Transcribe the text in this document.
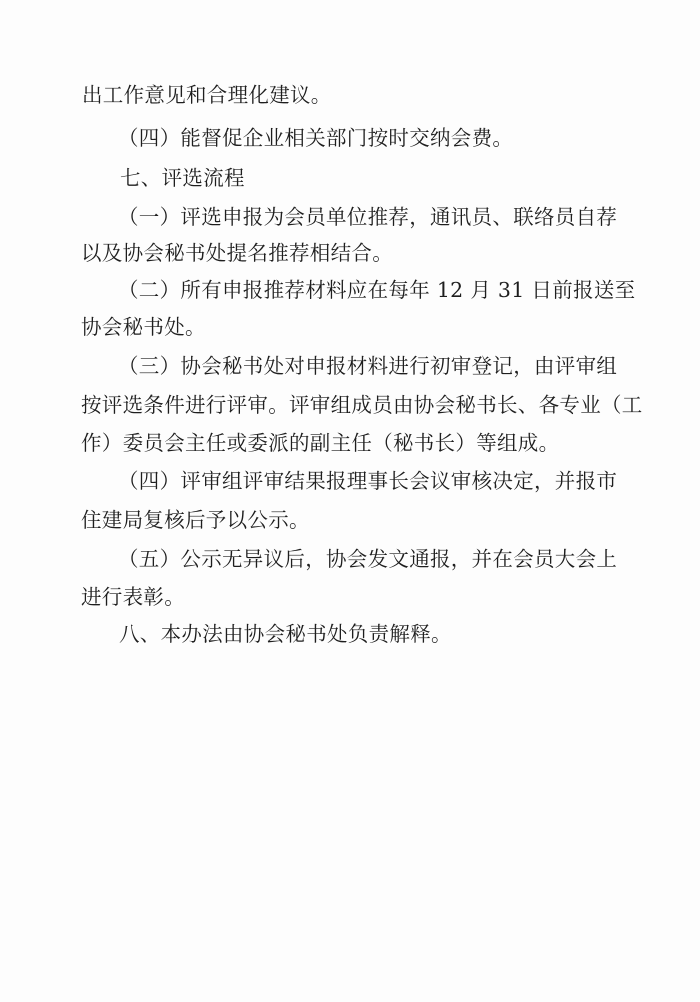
出工作意见和合理化建议。
（四）能督促企业相关部门按时交纳会费。
七、评选流程
（一）评选申报为会员单位推荐，通讯员、联络员自荐
以及协会秘书处提名推荐相结合。
（二）所有申报推荐材料应在每年 12 月 31 日前报送至
协会秘书处。
（三）协会秘书处对申报材料进行初审登记，由评审组
按评选条件进行评审。评审组成员由协会秘书长、各专业（工
作）委员会主任或委派的副主任（秘书长）等组成。
（四）评审组评审结果报理事长会议审核决定，并报市
住建局复核后予以公示。
（五）公示无异议后，协会发文通报，并在会员大会上
进行表彰。
八、本办法由协会秘书处负责解释。
